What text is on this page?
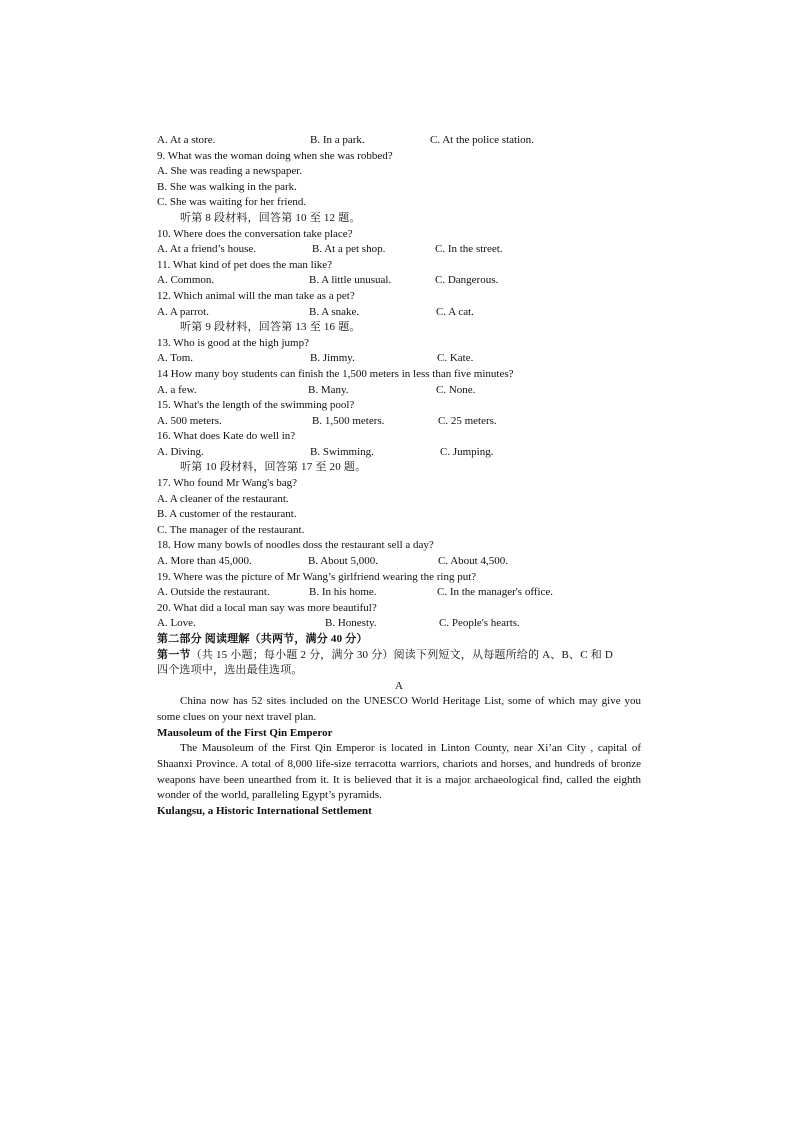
A. At a store.	B. In a park.	C. At the police station.
9. What was the woman doing when she was robbed?
A. She was reading a newspaper.
B. She was walking in the park.
C. She was waiting for her friend.
听第 8 段材料，回答第 10 至 12 题。
10. Where does the conversation take place?
A. At a friend’s house.	B. At a pet shop.	C. In the street.
11. What kind of pet does the man like?
A. Common.	B. A little unusual.	C. Dangerous.
12. Which animal will the man take as a pet?
A. A parrot.	B. A snake.	C. A cat.
听第 9 段材料，回答第 13 至 16 题。
13. Who is good at the high jump?
A. Tom.	B. Jimmy.	C. Kate.
14 How many boy students can finish the 1,500 meters in less than five minutes?
A. a few.	B. Many.	C. None.
15. What's the length of the swimming pool?
A. 500 meters.	B. 1,500 meters.	C. 25 meters.
16. What does Kate do well in?
A. Diving.	B. Swimming.	C. Jumping.
听第 10 段材料，回答第 17 至 20 题。
17. Who found Mr Wang's bag?
A. A cleaner of the restaurant.
B. A customer of the restaurant.
C. The manager of the restaurant.
18. How many bowls of noodles doss the restaurant sell a day?
A. More than 45,000.	B. About 5,000.	C. About 4,500.
19. Where was the picture of Mr Wang’s girlfriend wearing the ring put?
A. Outside the restaurant.	B. In his home.	C. In the manager's office.
20. What did a local man say was more beautiful?
A. Love.	B. Honesty.	C. People's hearts.
第二部分 阅读理解（共两节，满分 40 分）
第一节（共 15 小题；每小题 2 分，满分 30 分）阅读下列短文，从每题所给的 A、B、C 和 D
四个选项中，选出最佳选项。
A

China now has 52 sites included on the UNESCO World Heritage List, some of which may give you some clues on your next travel plan.

Mausoleum of the First Qin Emperor

The Mausoleum of the First Qin Emperor is located in Linton County, near Xi’an City , capital of Shaanxi Province. A total of 8,000 life-size terracotta warriors, chariots and horses, and hundreds of bronze weapons have been unearthed from it. It is believed that it is a major archaeological find, called the eighth wonder of the world, paralleling Egypt’s pyramids.

Kulangsu, a Historic International Settlement
